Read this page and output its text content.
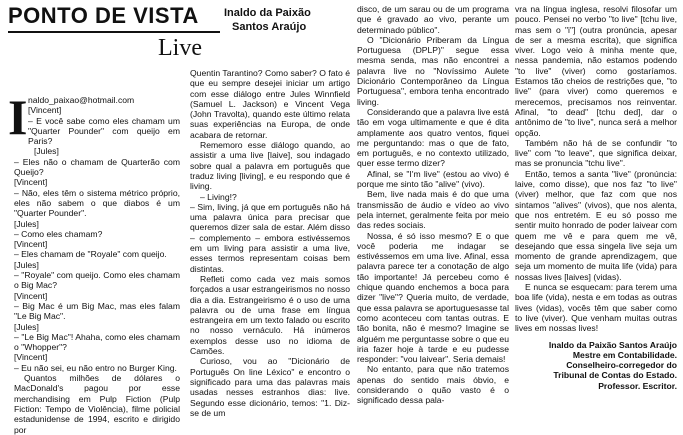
PONTO DE VISTA Inaldo da Paixão

Santos Araújo
Live
I naldo_paixao@hotmail.com

[Vincent]

– E você sabe como eles chamam um "Quarter Pounder" com queijo em Paris?

[Jules]

– Eles não o chamam de Quarterão com Queijo?

[Vincent]

– Não, eles têm o sistema métrico próprio, eles não sabem o que diabos é um "Quarter Pounder".

[Jules]

– Como eles chamam?

[Vincent]

– Eles chamam de "Royale" com queijo.

[Jules]

– "Royale" com queijo. Como eles chamam o Big Mac?

[Vincent]

– Big Mac é um Big Mac, mas eles falam "Le Big Mac".

[Jules]

– "Le Big Mac"! Ahaha, como eles chamam o "Whopper"?

[Vincent]

– Eu não sei, eu não entro no Burger King.

Quantos milhões de dólares o MacDonald's pagou por esse merchandising em Pulp Fiction (Pulp Fiction: Tempo de Violência), filme policial estadunidense de 1994, escrito e dirigido por

Quentin Tarantino? Como saber? O fato é que eu sempre desejei iniciar um artigo com esse diálogo entre Jules Winnfield (Samuel L. Jackson) e Vincent Vega (John Travolta), quando este último relata suas experiências na Europa, de onde acabara de retornar.

Rememoro esse diálogo quando, ao assistir a uma live [laive], sou indagado sobre qual a palavra em português que traduz living [living], e eu respondo que é living.

– Living!?

– Sim, living, já que em português não há uma palavra única para precisar que queremos dizer sala de estar. Além disso – complemento – embora estivéssemos em um living para assistir a uma live, esses termos representam coisas bem distintas.

Refleti como cada vez mais somos forçados a usar estrangeirismos no nosso dia a dia. Estrangeirismo é o uso de uma palavra ou de uma frase em língua estrangeira em um texto falado ou escrito no nosso vernáculo. Há inúmeros exemplos desse uso no idioma de Camões.

Curioso, vou ao "Dicionário de Português On line Léxico" e encontro o significado para uma das palavras mais usadas nesses estranhos dias: live. Segundo esse dicionário, temos: "1. Diz-se de um

disco, de um sarau ou de um programa que é gravado ao vivo, perante um determinado público".

O "Dicionário Priberam da Língua Portuguesa (DPLP)" segue essa mesma senda, mas não encontrei a palavra live no "Novíssimo Aulete Dicionário Contemporâneo da Língua Portuguesa", embora tenha encontrado living.

Considerando que a palavra live está tão em voga ultimamente e que é dita amplamente aos quatro ventos, fiquei me perguntando: mas o que de fato, em português, e no contexto utilizado, quer esse termo dizer?

Afinal, se "I'm live" (estou ao vivo) é porque me sinto tão "alive" (vivo).

Bem, live nada mais é do que uma transmissão de áudio e vídeo ao vivo pela internet, geralmente feita por meio das redes sociais.

Nossa, é só isso mesmo? E o que você poderia me indagar se estivéssemos em uma live. Afinal, essa palavra parece ter a conotação de algo tão importante! Já percebeu como é chique quando enchemos a boca para dizer "live"? Queria muito, de verdade, que essa palavra se aportuguesasse tal como aconteceu com tantas outras. E tão bonita, não é mesmo? Imagine se alguém me perguntasse sobre o que eu iria fazer hoje à tarde e eu pudesse responder: "vou laivear". Seria demais!

No entanto, para que não tratemos apenas do sentido mais óbvio, e considerando o quão vasto é o significado dessa pala-

vra na língua inglesa, resolvi filosofar um pouco. Pensei no verbo "to live" [tchu live, mas sem o "i"] (outra pronúncia, apesar de ser a mesma escrita), que significa viver. Logo veio à minha mente que, nessa pandemia, não estamos podendo "to live" (viver) como gostaríamos. Estamos tão cheios de restrições que, "to live" (para viver) como queremos e merecemos, precisamos nos reinventar. Afinal, "to dead" [tchu ded], dar o antônimo de "to live", nunca será a melhor opção.

Também não há de se confundir "to live" com "to leave", que significa deixar, mas se pronuncia "tchu live".

Então, temos a santa "live" (pronúncia: laive, como disse), que nos faz "to live" (viver) melhor, que faz com que nos sintamos "alives" (vivos), que nos alenta, que nos entretém. E eu só posso me sentir muito honrado de poder laivear com quem me vê e para quem me vê, desejando que essa singela live seja um momento de grande aprendizagem, que seja um momento de muita life (vida) para nossas lives [laives] (vidas).

E nunca se esquecam: para terem uma boa life (vida), nesta e em todas as outras lives (vidas), vocês têm que saber como to live (viver). Que venham muitas outras lives em nossas lives!

Inaldo da Paixão Santos Araújo
Mestre em Contabilidade.
Conselheiro-corregedor do
Tribunal de Contas do Estado.
Professor. Escritor.
